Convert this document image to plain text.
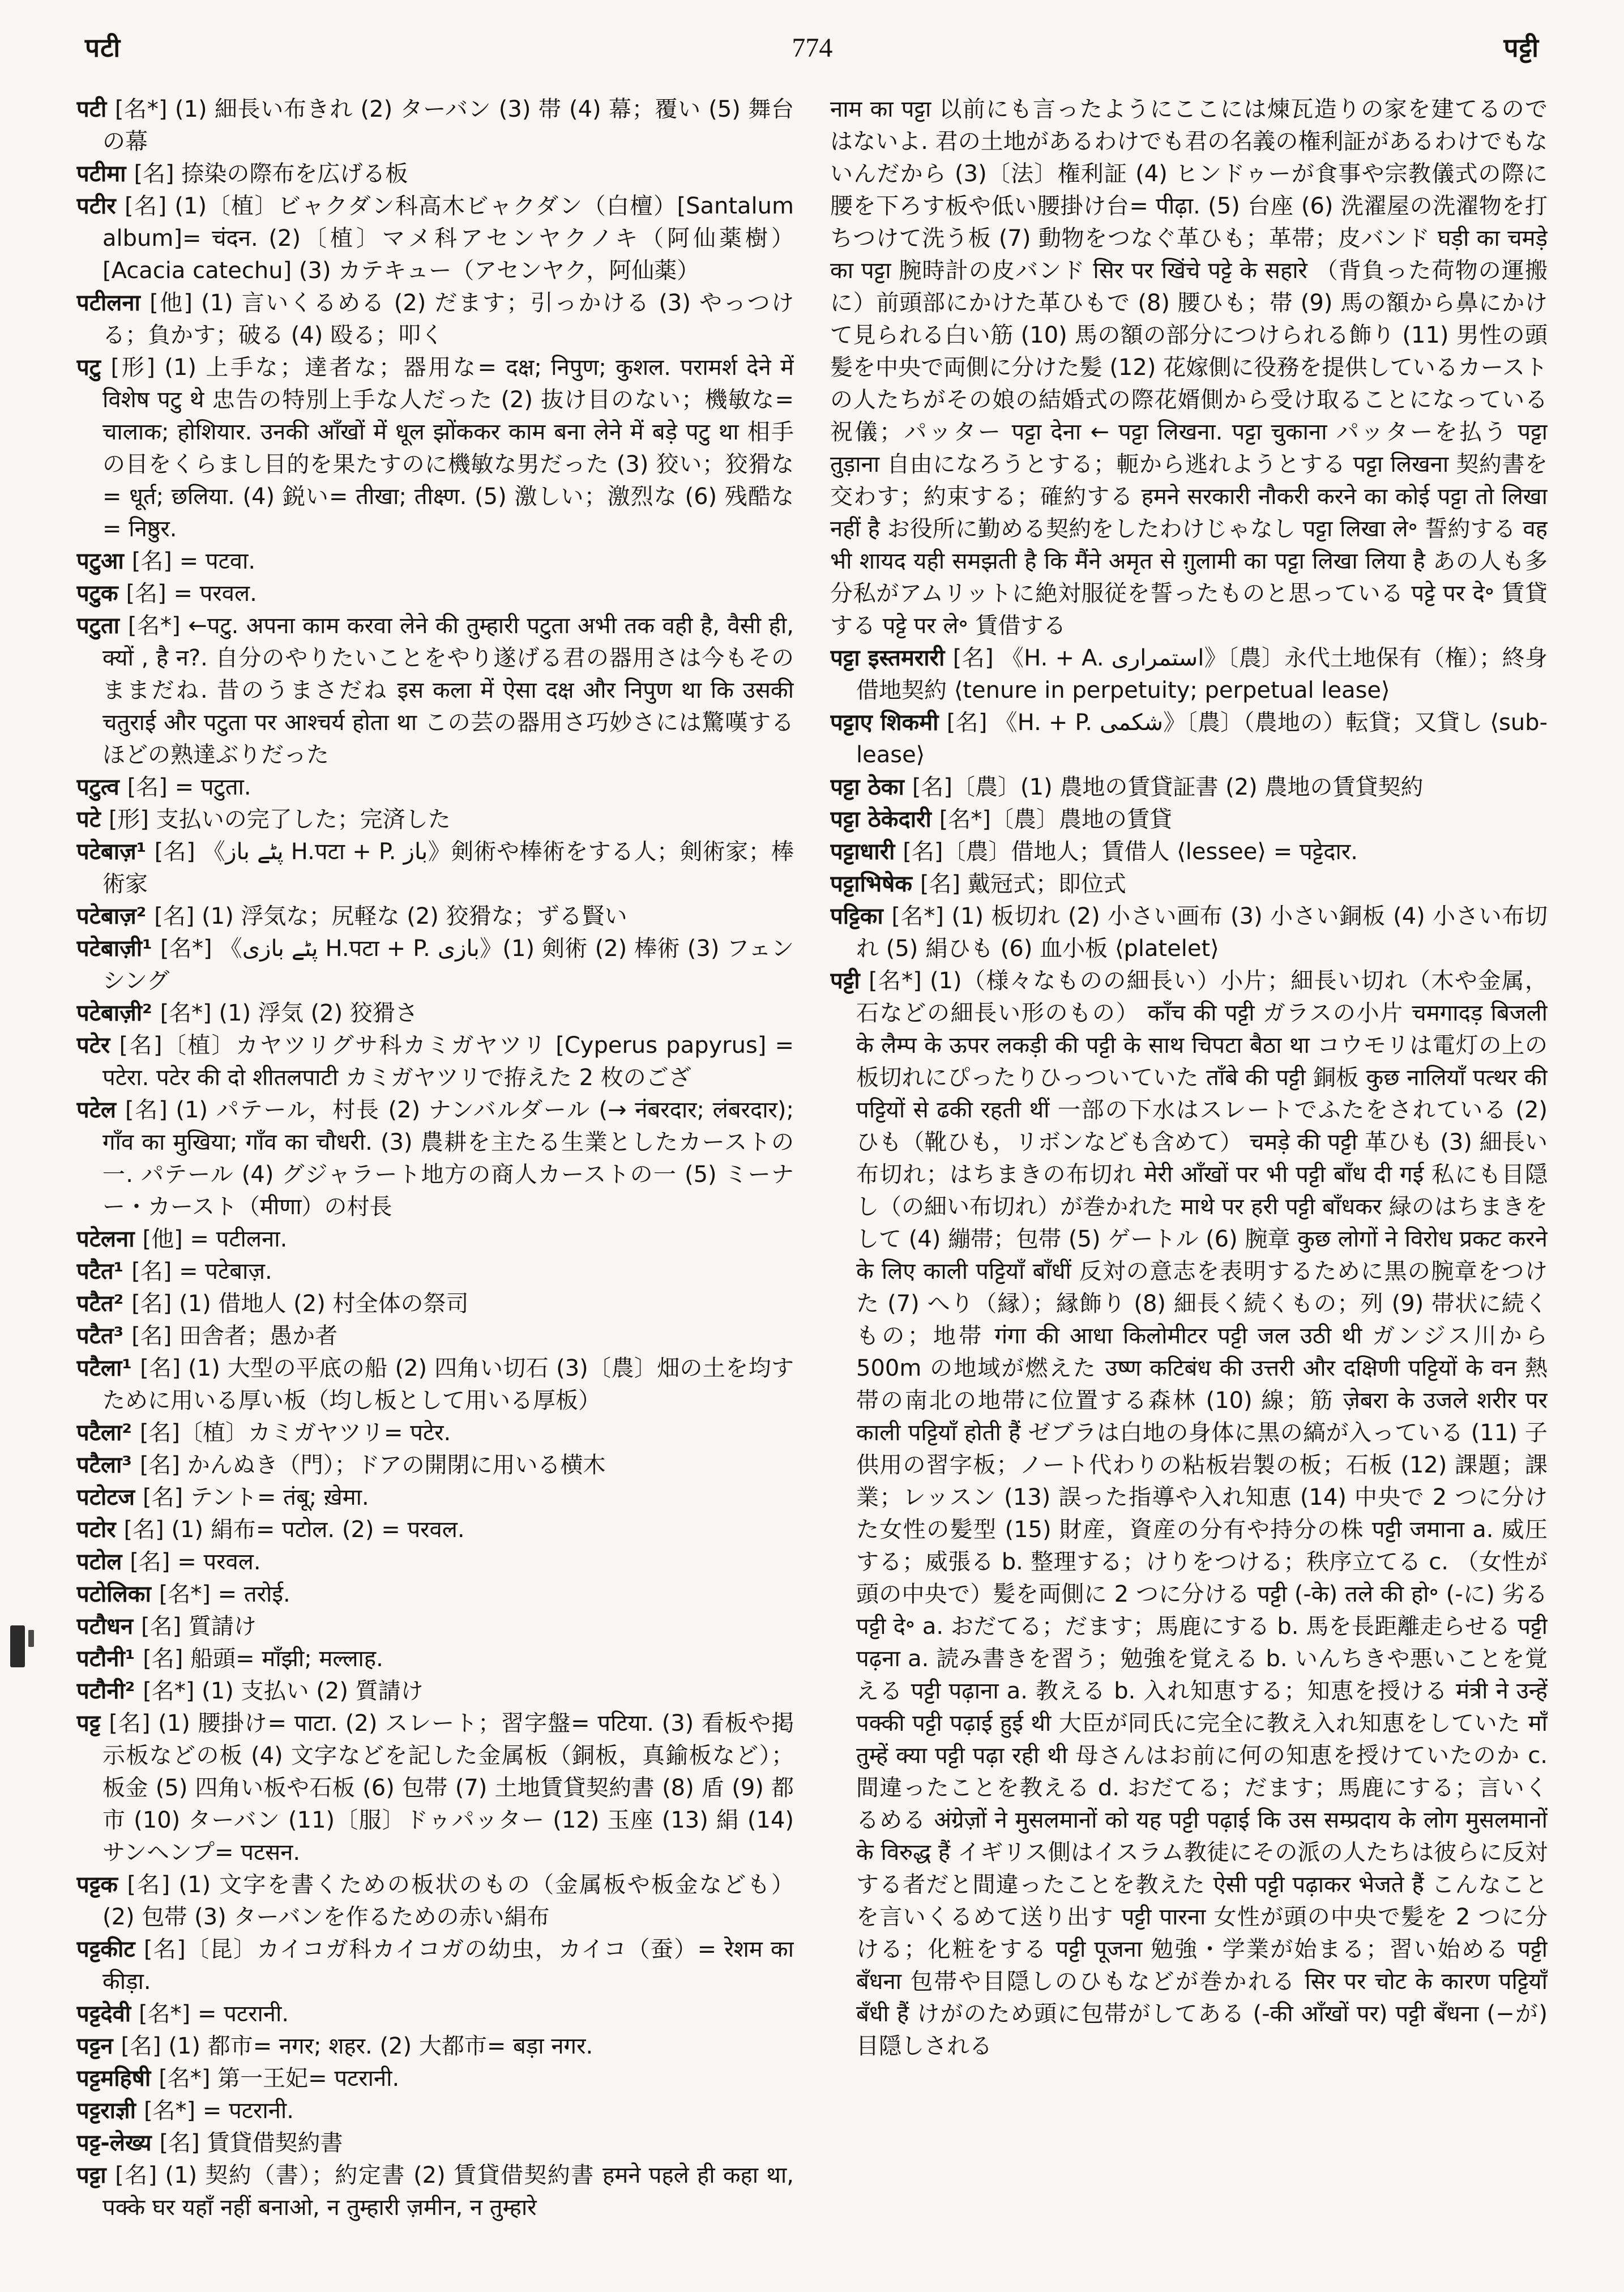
पटी	774	पट्टी
पटी [名*] (1) 細長い布きれ (2) ターバン (3) 帯 (4) 幕；覆い (5) 舞台の幕
पटीमा [名] 捺染の際布を広げる板
पटीर [名] (1)〔植〕ビャクダン科高木ビャクダン（白檀）[Santalum album]= चंदन. (2)〔植〕マメ科アセンヤクノキ（阿仙薬樹）[Acacia catechu] (3) カテキュー（アセンヤク，阿仙薬）
पटीलना [他] (1) 言いくるめる (2) だます；引っかける (3) やっつける；負かす；破る (4) 殴る；叩く
पटु [形] (1) 上手な；達者な；器用な= दक्ष; निपुण; कुशल. परामर्श देने में विशेष पटु थे 忠告の特別上手な人だった (2) 抜け目のない；機敏な= चालाक; होशियार. उनकी आँखों में धूल झोंककर काम बना लेने में बड़े पटु था 相手の目をくらまし目的を果たすのに機敏な男だった (3) 狡い；狡猾な= धूर्त; छलिया. (4) 鋭い= तीखा; तीक्ष्ण. (5) 激しい；激烈な (6) 残酷な= निष्ठुर.
पटुआ [名] = पटवा.
पटुक [名] = परवल.
पटुता [名*] ←पटु. अपना काम करवा लेने की तुम्हारी पटुता अभी तक वही है, वैसी ही, क्यों , है न?. 自分のやりたいことをやり遂げる君の器用さは今もそのままだね. 昔のうまさだね इस कला में ऐसा दक्ष और निपुण था कि उसकी चतुराई और पटुता पर आश्चर्य होता था この芸の器用さ巧妙さには驚嘆するほどの熟達ぶりだった
पटुत्व [名] = पटुता.
पटे [形] 支払いの完了した；完済した
पटेबाज़¹ [名] 《پٹے باز H.पटा + P. باز》剣術や棒術をする人；剣術家；棒術家
पटेबाज़² [名] (1) 浮気な；尻軽な (2) 狡猾な；ずる賢い
पटेबाज़ी¹ [名*] 《پٹے بازی H.पटा + P. بازی》(1) 剣術 (2) 棒術 (3) フェンシング
पटेबाज़ी² [名*] (1) 浮気 (2) 狡猾さ
पटेर [名]〔植〕カヤツリグサ科カミガヤツリ [Cyperus papyrus] = पटेरा. पटेर की दो शीतलपाटी カミガヤツリで拵えた 2 枚のござ
पटेल [名] (1) パテール，村長 (2) ナンバルダール (→ नंबरदार; लंबरदार); गाँव का मुखिया; गाँव का चौधरी. (3) 農耕を主たる生業としたカーストの一. パテール (4) グジャラート地方の商人カーストの一 (5) ミーナー・カースト（मीणा）の村長
पटेलना [他] = पटीलना.
पटैत¹ [名] = पटेबाज़.
पटैत² [名] (1) 借地人 (2) 村全体の祭司
पटैत³ [名] 田舎者；愚か者
पटैला¹ [名] (1) 大型の平底の船 (2) 四角い切石 (3)〔農〕畑の土を均すために用いる厚い板（均し板として用いる厚板）
पटैला² [名]〔植〕カミガヤツリ= पटेर.
पटैला³ [名] かんぬき（門）；ドアの開閉に用いる横木
पटोटज [名] テント= तंबू; ख़ेमा.
पटोर [名] (1) 絹布= पटोल. (2) = परवल.
पटोल [名] = परवल.
पटोलिका [名*] = तरोई.
पटौधन [名] 質請け
पटौनी¹ [名] 船頭= माँझी; मल्लाह.
पटौनी² [名*] (1) 支払い (2) 質請け
पट्ट [名] (1) 腰掛け= पाटा. (2) スレート；習字盤= पटिया. (3) 看板や掲示板などの板 (4) 文字などを記した金属板（銅板，真鍮板など）；板金 (5) 四角い板や石板 (6) 包帯 (7) 土地賃貸契約書 (8) 盾 (9) 都市 (10) ターバン (11)〔服〕ドゥパッター (12) 玉座 (13) 絹 (14) サンヘンプ= पटसन.
पट्टक [名] (1) 文字を書くための板状のもの（金属板や板金なども） (2) 包帯 (3) ターバンを作るための赤い絹布
पट्टकीट [名]〔昆〕カイコガ科カイコガの幼虫，カイコ（蚕）= रेशम का कीड़ा.
पट्टदेवी [名*] = पटरानी.
पट्टन [名] (1) 都市= नगर; शहर. (2) 大都市= बड़ा नगर.
पट्टमहिषी [名*] 第一王妃= पटरानी.
पट्टराज्ञी [名*] = पटरानी.
पट्ट-लेख्य [名] 賃貸借契約書
पट्टा [名] (1) 契約（書）；約定書 (2) 賃貸借契約書 हमने पहले ही कहा था, पक्के घर यहाँ नहीं बनाओ, न तुम्हारी ज़मीन, न तुम्हारे
नाम का पट्टा 以前にも言ったようにここには煉瓦造りの家を建てるのではないよ. 君の土地があるわけでも君の名義の権利証があるわけでもないんだから (3)〔法〕権利証 (4) ヒンドゥーが食事や宗教儀式の際に腰を下ろす板や低い腰掛け台= पीढ़ा. (5) 台座 (6) 洗濯屋の洗濯物を打ちつけて洗う板 (7) 動物をつなぐ革ひも；革帯；皮バンド घड़ी का चमड़े का पट्टा 腕時計の皮バンド सिर पर खिंचे पट्टे के सहारे （背負った荷物の運搬に）前頭部にかけた革ひもで (8) 腰ひも；帯 (9) 馬の額から鼻にかけて見られる白い筋 (10) 馬の額の部分につけられる飾り (11) 男性の頭髪を中央で両側に分けた髪 (12) 花嫁側に役務を提供しているカーストの人たちがその娘の結婚式の際花婿側から受け取ることになっている祝儀；パッター पट्टा देना ← पट्टा लिखना. पट्टा चुकाना パッターを払う पट्टा तुड़ाना 自由になろうとする；軛から逃れようとする पट्टा लिखना 契約書を交わす；約束する；確約する हमने सरकारी नौकरी करने का कोई पट्टा तो लिखा नहीं है お役所に勤める契約をしたわけじゃなし पट्टा लिखा ले॰ 誓約する वह भी शायद यही समझती है कि मैंने अमृत से ग़ुलामी का पट्टा लिखा लिया है あの人も多分私がアムリットに絶対服従を誓ったものと思っている पट्टे पर दे॰ 賃貸する पट्टे पर ले॰ 賃借する
पट्टा इस्तमरारी [名] 《H. + A. استمراری》〔農〕永代土地保有（権）；終身借地契約 ⟨tenure in perpetuity; perpetual lease⟩
पट्टाए शिकमी [名] 《H. + P. شکمی》〔農〕（農地の）転貸；又貸し ⟨sub-lease⟩
पट्टा ठेका [名]〔農〕(1) 農地の賃貸証書 (2) 農地の賃貸契約
पट्टा ठेकेदारी [名*]〔農〕農地の賃貸
पट्टाधारी [名]〔農〕借地人；賃借人 ⟨lessee⟩ = पट्टेदार.
पट्टाभिषेक [名] 戴冠式；即位式
पट्टिका [名*] (1) 板切れ (2) 小さい画布 (3) 小さい銅板 (4) 小さい布切れ (5) 絹ひも (6) 血小板 ⟨platelet⟩
पट्टी [名*] (1)（様々なものの細長い）小片；細長い切れ（木や金属，石などの細長い形のもの） काँच की पट्टी ガラスの小片 चमगादड़ बिजली के लैम्प के ऊपर लकड़ी की पट्टी के साथ चिपटा बैठा था コウモリは電灯の上の板切れにぴったりひっついていた ताँबे की पट्टी 銅板 कुछ नालियाँ पत्थर की पट्टियों से ढकी रहती थीं 一部の下水はスレートでふたをされている (2) ひも（靴ひも，リボンなども含めて） चमड़े की पट्टी 革ひも (3) 細長い布切れ；はちまきの布切れ मेरी आँखों पर भी पट्टी बाँध दी गई 私にも目隠し（の細い布切れ）が巻かれた माथे पर हरी पट्टी बाँधकर 緑のはちまきをして (4) 繃帯；包帯 (5) ゲートル (6) 腕章 कुछ लोगों ने विरोध प्रकट करने के लिए काली पट्टियाँ बाँधीं 反対の意志を表明するために黒の腕章をつけた (7) へり（縁）；縁飾り (8) 細長く続くもの；列 (9) 帯状に続くもの；地帯 गंगा की आधा किलोमीटर पट्टी जल उठी थी ガンジス川から 500m の地域が燃えた उष्ण कटिबंध की उत्तरी और दक्षिणी पट्टियों के वन 熱帯の南北の地帯に位置する森林 (10) 線；筋 ज़ेबरा के उजले शरीर पर काली पट्टियाँ होती हैं ゼブラは白地の身体に黒の縞が入っている (11) 子供用の習字板；ノート代わりの粘板岩製の板；石板 (12) 課題；課業；レッスン (13) 誤った指導や入れ知恵 (14) 中央で 2 つに分けた女性の髪型 (15) 財産，資産の分有や持分の株 पट्टी जमाना a. 威圧する；威張る b. 整理する；けりをつける；秩序立てる c. （女性が頭の中央で）髪を両側に 2 つに分ける पट्टी (-के) तले की हो॰ (-に) 劣る पट्टी दे॰ a. おだてる；だます；馬鹿にする b. 馬を長距離走らせる पट्टी पढ़ना a. 読み書きを習う；勉強を覚える b. いんちきや悪いことを覚える पट्टी पढ़ाना a. 教える b. 入れ知恵する；知恵を授ける मंत्री ने उन्हें पक्की पट्टी पढ़ाई हुई थी 大臣が同氏に完全に教え入れ知恵をしていた माँ तुम्हें क्या पट्टी पढ़ा रही थी 母さんはお前に何の知恵を授けていたのか c. 間違ったことを教える d. おだてる；だます；馬鹿にする；言いくるめる अंग्रेज़ों ने मुसलमानों को यह पट्टी पढ़ाई कि उस सम्प्रदाय के लोग मुसलमानों के विरुद्ध हैं イギリス側はイスラム教徒にその派の人たちは彼らに反対する者だと間違ったことを教えた ऐसी पट्टी पढ़ाकर भेजते हैं こんなことを言いくるめて送り出す पट्टी पारना 女性が頭の中央で髪を 2 つに分ける；化粧をする पट्टी पूजना 勉強・学業が始まる；習い始める पट्टी बँधना 包帯や目隠しのひもなどが巻かれる सिर पर चोट के कारण पट्टियाँ बँधी हैं けがのため頭に包帯がしてある (-की आँखों पर) पट्टी बँधना (−が) 目隠しされる
